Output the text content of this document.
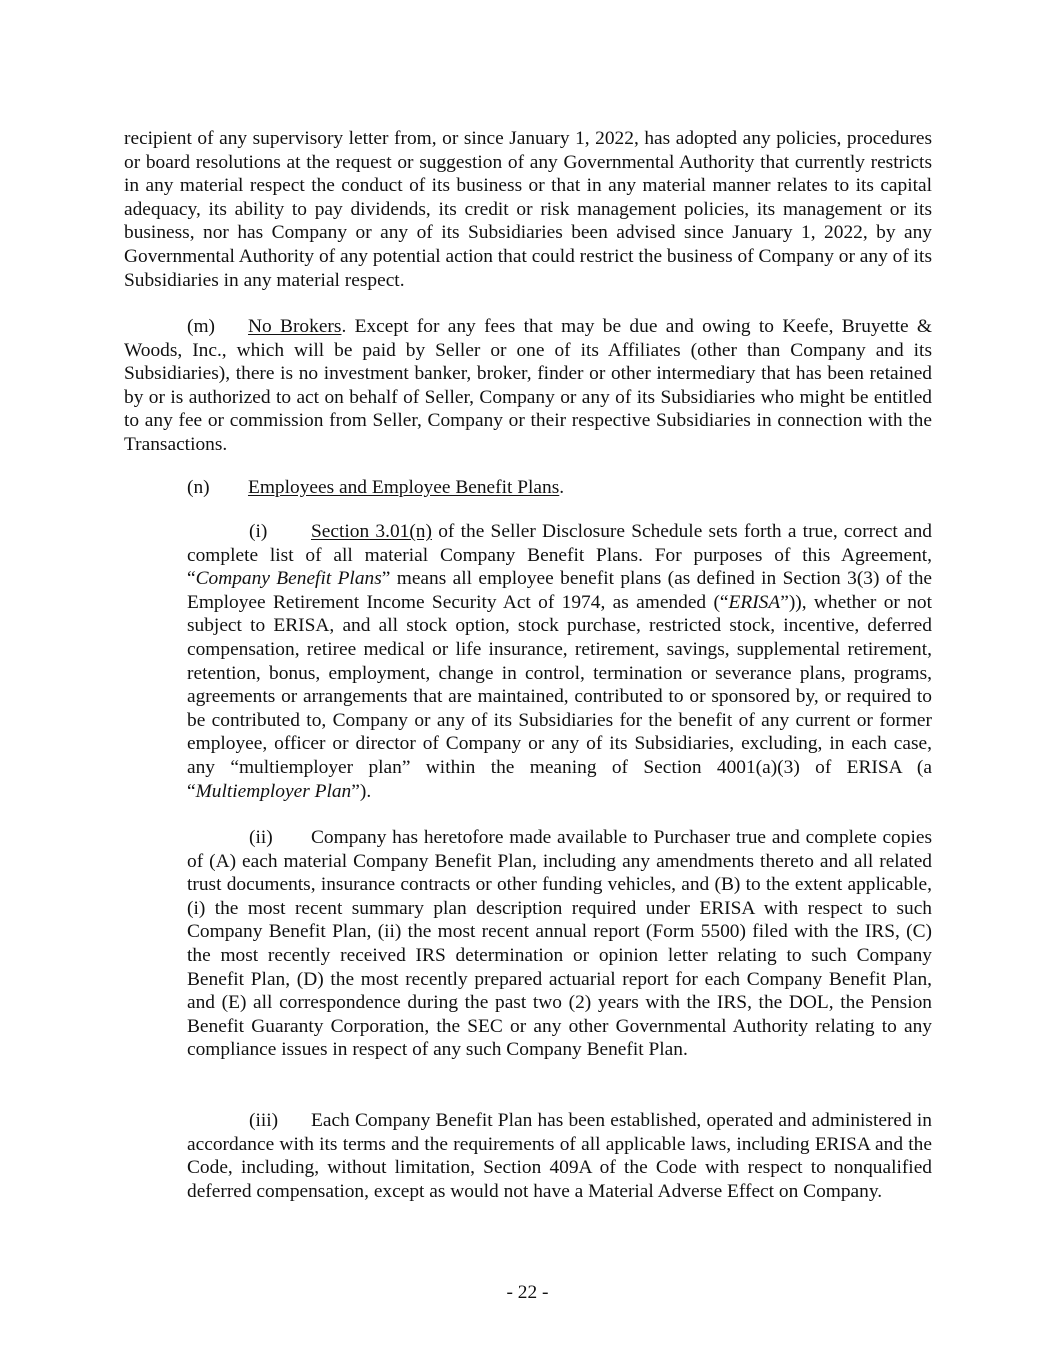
recipient of any supervisory letter from, or since January 1, 2022, has adopted any policies, procedures or board resolutions at the request or suggestion of any Governmental Authority that currently restricts in any material respect the conduct of its business or that in any material manner relates to its capital adequacy, its ability to pay dividends, its credit or risk management policies, its management or its business, nor has Company or any of its Subsidiaries been advised since January 1, 2022, by any Governmental Authority of any potential action that could restrict the business of Company or any of its Subsidiaries in any material respect.

(m) No Brokers. Except for any fees that may be due and owing to Keefe, Bruyette & Woods, Inc., which will be paid by Seller or one of its Affiliates (other than Company and its Subsidiaries), there is no investment banker, broker, finder or other intermediary that has been retained by or is authorized to act on behalf of Seller, Company or any of its Subsidiaries who might be entitled to any fee or commission from Seller, Company or their respective Subsidiaries in connection with the Transactions.

(n) Employees and Employee Benefit Plans.

(i) Section 3.01(n) of the Seller Disclosure Schedule sets forth a true, correct and complete list of all material Company Benefit Plans. For purposes of this Agreement, “Company Benefit Plans” means all employee benefit plans (as defined in Section 3(3) of the Employee Retirement Income Security Act of 1974, as amended (“ERISA”)), whether or not subject to ERISA, and all stock option, stock purchase, restricted stock, incentive, deferred compensation, retiree medical or life insurance, retirement, savings, supplemental retirement, retention, bonus, employment, change in control, termination or severance plans, programs, agreements or arrangements that are maintained, contributed to or sponsored by, or required to be contributed to, Company or any of its Subsidiaries for the benefit of any current or former employee, officer or director of Company or any of its Subsidiaries, excluding, in each case, any “multiemployer plan” within the meaning of Section 4001(a)(3) of ERISA (a “Multiemployer Plan”).

(ii) Company has heretofore made available to Purchaser true and complete copies of (A) each material Company Benefit Plan, including any amendments thereto and all related trust documents, insurance contracts or other funding vehicles, and (B) to the extent applicable, (i) the most recent summary plan description required under ERISA with respect to such Company Benefit Plan, (ii) the most recent annual report (Form 5500) filed with the IRS, (C) the most recently received IRS determination or opinion letter relating to such Company Benefit Plan, (D) the most recently prepared actuarial report for each Company Benefit Plan, and (E) all correspondence during the past two (2) years with the IRS, the DOL, the Pension Benefit Guaranty Corporation, the SEC or any other Governmental Authority relating to any compliance issues in respect of any such Company Benefit Plan.

(iii) Each Company Benefit Plan has been established, operated and administered in accordance with its terms and the requirements of all applicable laws, including ERISA and the Code, including, without limitation, Section 409A of the Code with respect to nonqualified deferred compensation, except as would not have a Material Adverse Effect on Company.

- 22 -
